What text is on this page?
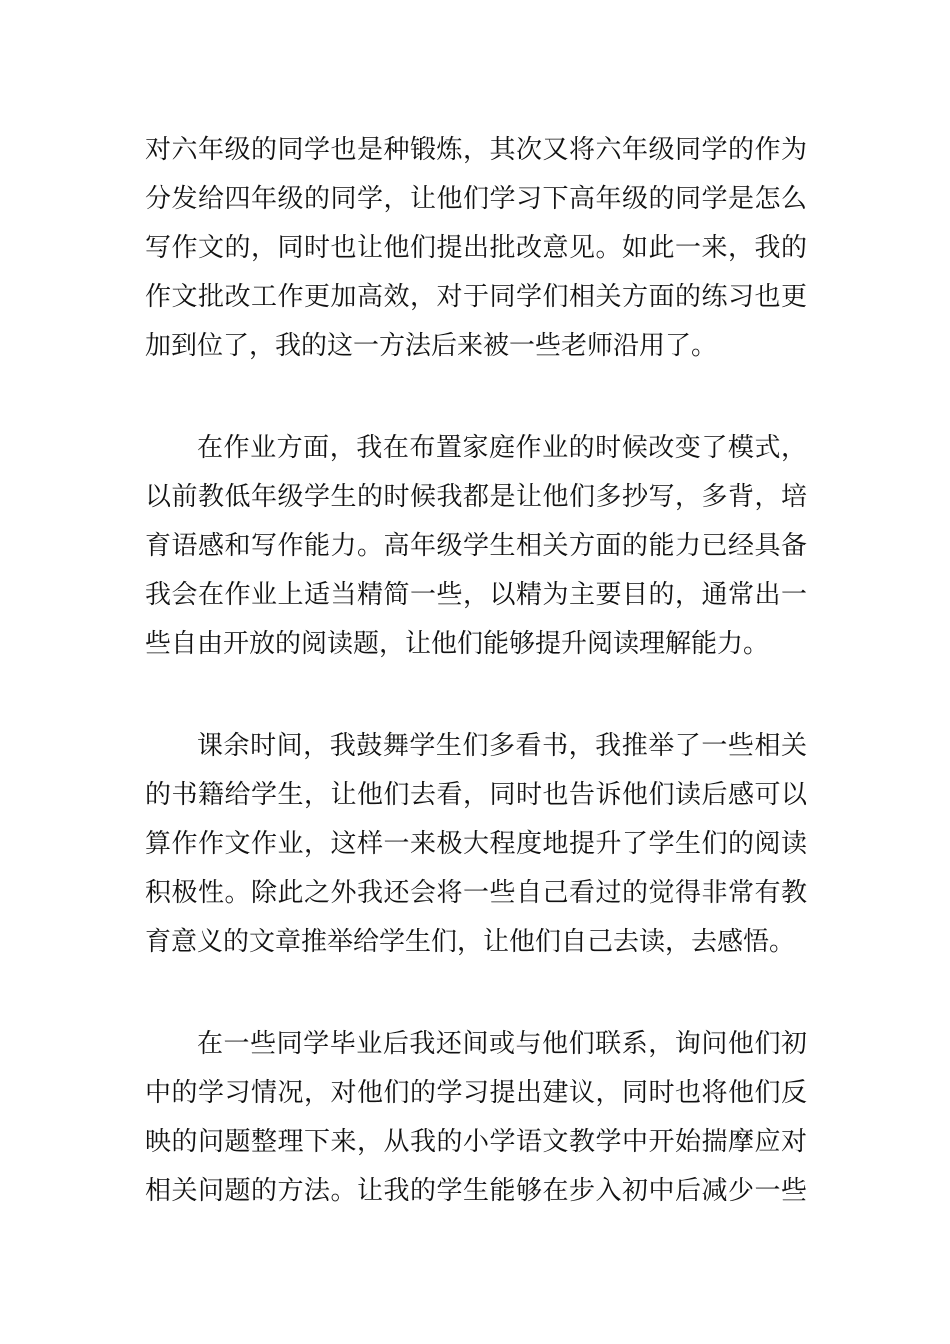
对六年级的同学也是种锻炼，其次又将六年级同学的作为
分发给四年级的同学，让他们学习下高年级的同学是怎么
写作文的，同时也让他们提出批改意见。如此一来，我的
作文批改工作更加高效，对于同学们相关方面的练习也更
加到位了，我的这一方法后来被一些老师沿用了。
在作业方面，我在布置家庭作业的时候改变了模式，
以前教低年级学生的时候我都是让他们多抄写，多背，培
育语感和写作能力。高年级学生相关方面的能力已经具备
我会在作业上适当精简一些，以精为主要目的，通常出一
些自由开放的阅读题，让他们能够提升阅读理解能力。
课余时间，我鼓舞学生们多看书，我推举了一些相关
的书籍给学生，让他们去看，同时也告诉他们读后感可以
算作作文作业，这样一来极大程度地提升了学生们的阅读
积极性。除此之外我还会将一些自己看过的觉得非常有教
育意义的文章推举给学生们，让他们自己去读，去感悟。
在一些同学毕业后我还间或与他们联系，询问他们初
中的学习情况，对他们的学习提出建议，同时也将他们反
映的问题整理下来，从我的小学语文教学中开始揣摩应对
相关问题的方法。让我的学生能够在步入初中后减少一些
